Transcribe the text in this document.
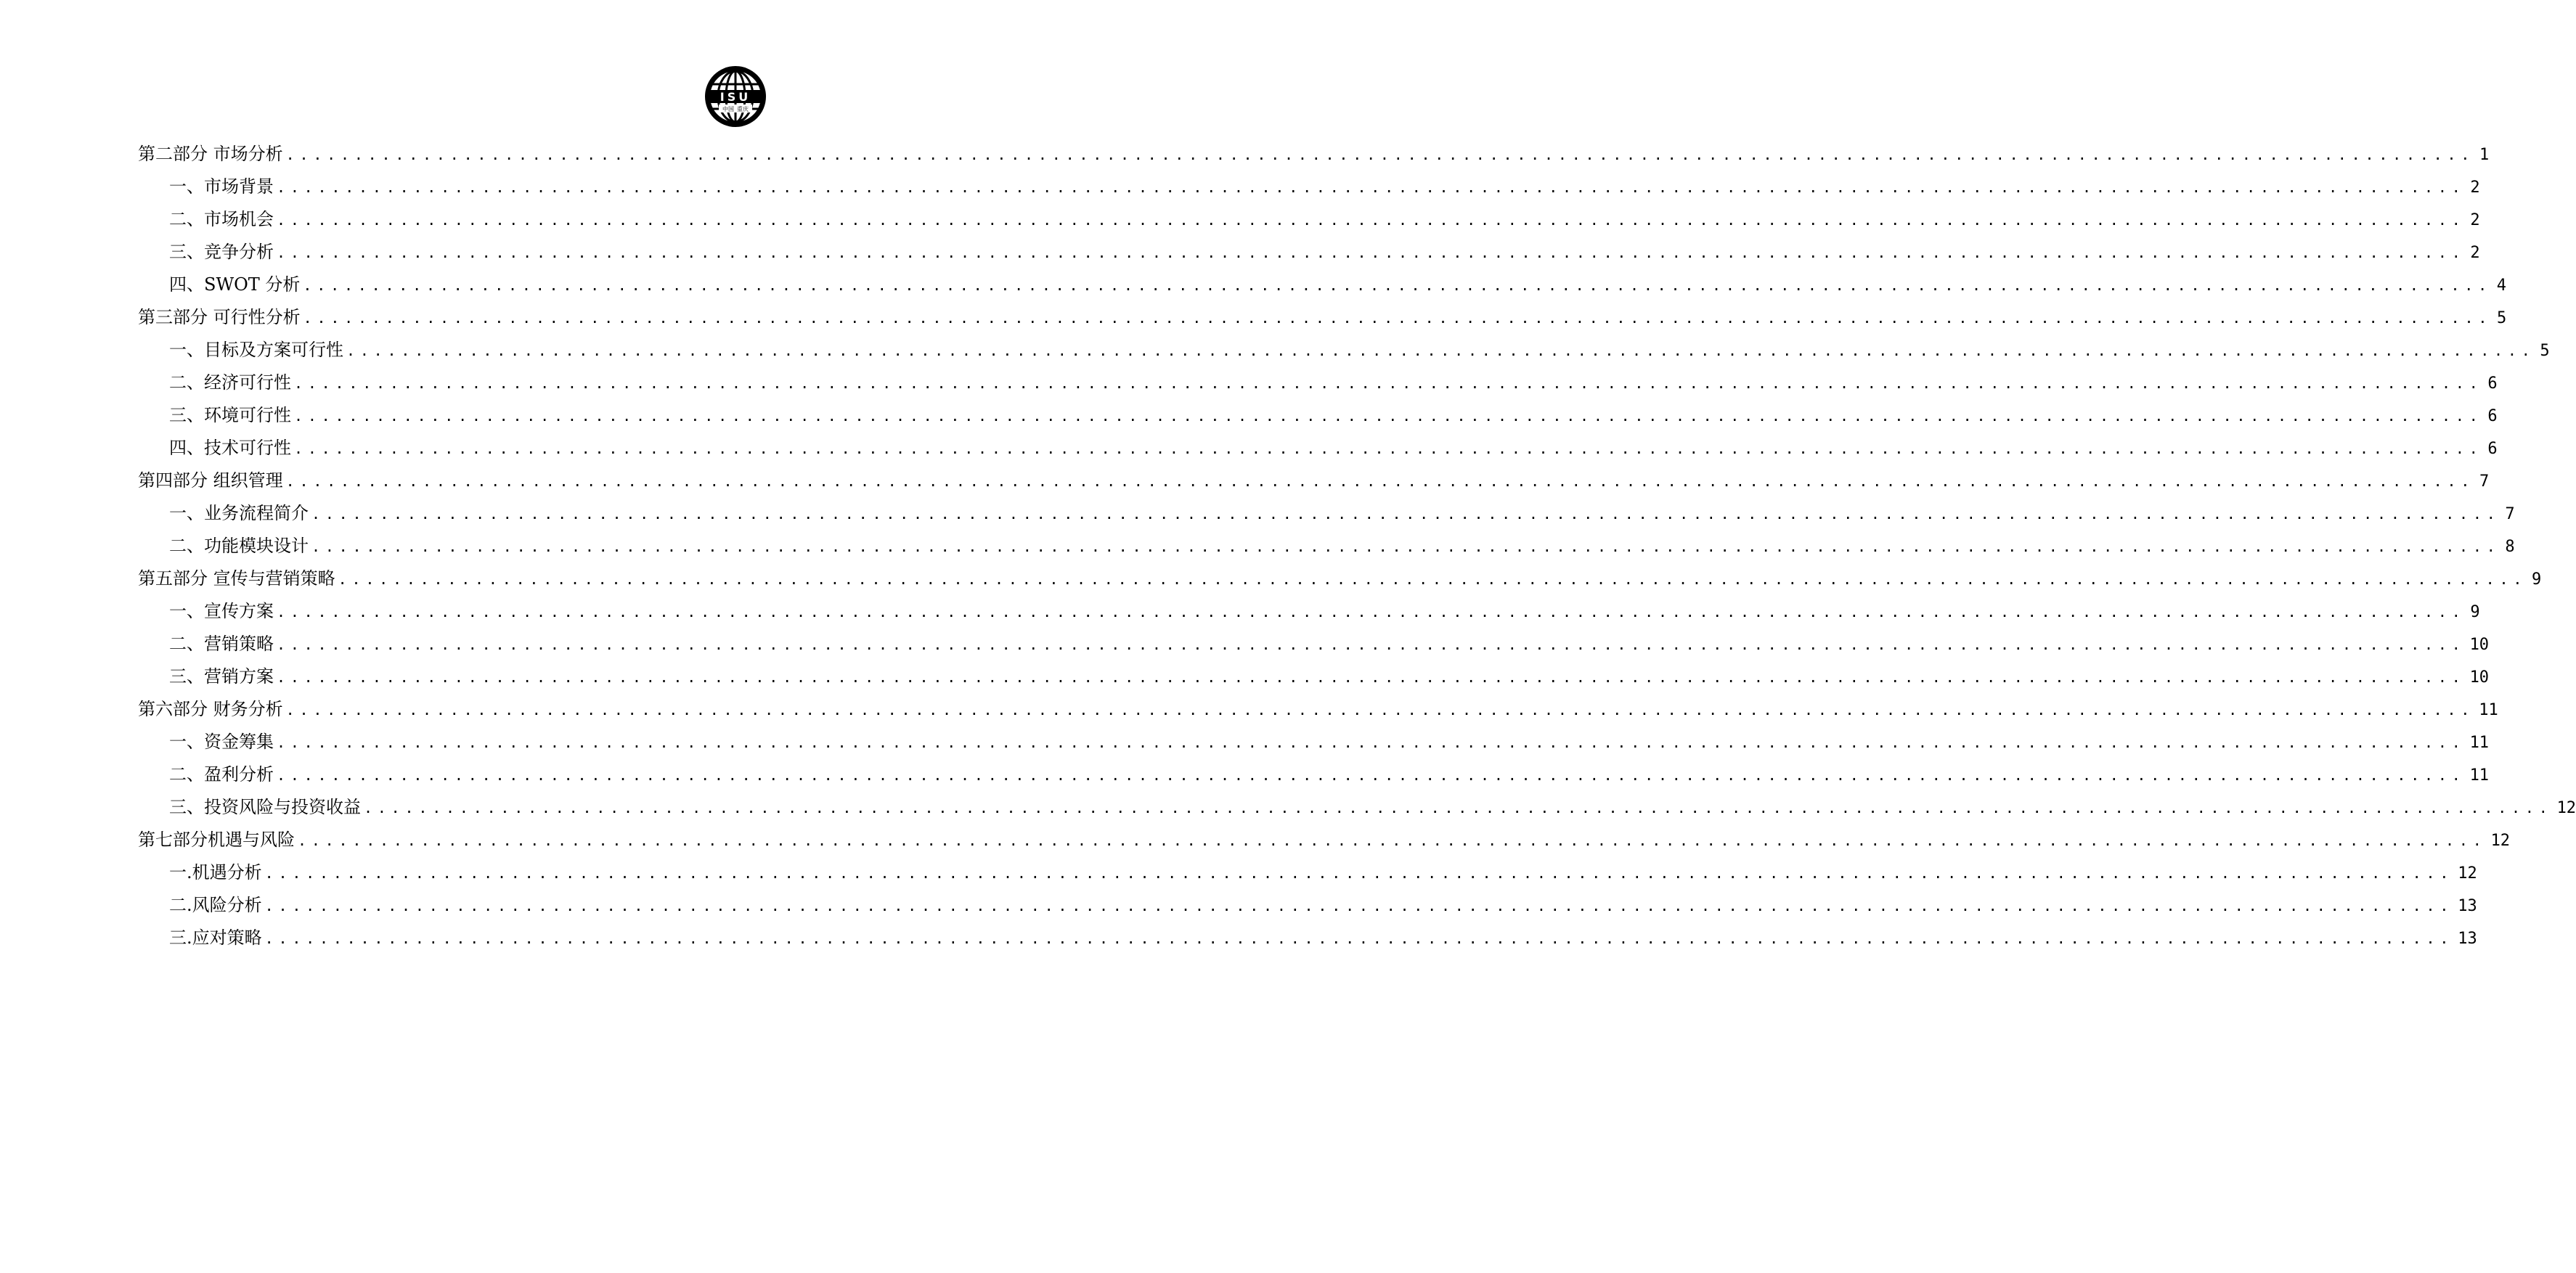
ISU
中国 重庆
第二部分 市场分析 ................................................................................................................................................................ 1
一、市场背景 ................................................................................................................................................................ 2
二、市场机会 ................................................................................................................................................................ 2
三、竞争分析 ................................................................................................................................................................ 2
四、SWOT 分析 ................................................................................................................................................................ 4
第三部分 可行性分析 ................................................................................................................................................................ 5
一、目标及方案可行性 ................................................................................................................................................................ 5
二、经济可行性 ................................................................................................................................................................ 6
三、环境可行性 ................................................................................................................................................................ 6
四、技术可行性 ................................................................................................................................................................ 6
第四部分 组织管理 ................................................................................................................................................................ 7
一、业务流程简介 ................................................................................................................................................................ 7
二、功能模块设计 ................................................................................................................................................................ 8
第五部分 宣传与营销策略 ................................................................................................................................................................ 9
一、宣传方案 ................................................................................................................................................................ 9
二、营销策略 ................................................................................................................................................................ 10
三、营销方案 ................................................................................................................................................................ 10
第六部分 财务分析 ................................................................................................................................................................ 11
一、资金筹集 ................................................................................................................................................................ 11
二、盈利分析 ................................................................................................................................................................ 11
三、投资风险与投资收益 ................................................................................................................................................................ 12
第七部分机遇与风险 ................................................................................................................................................................ 12
一.机遇分析 ................................................................................................................................................................ 12
二.风险分析 ................................................................................................................................................................ 13
三.应对策略 ................................................................................................................................................................ 13
